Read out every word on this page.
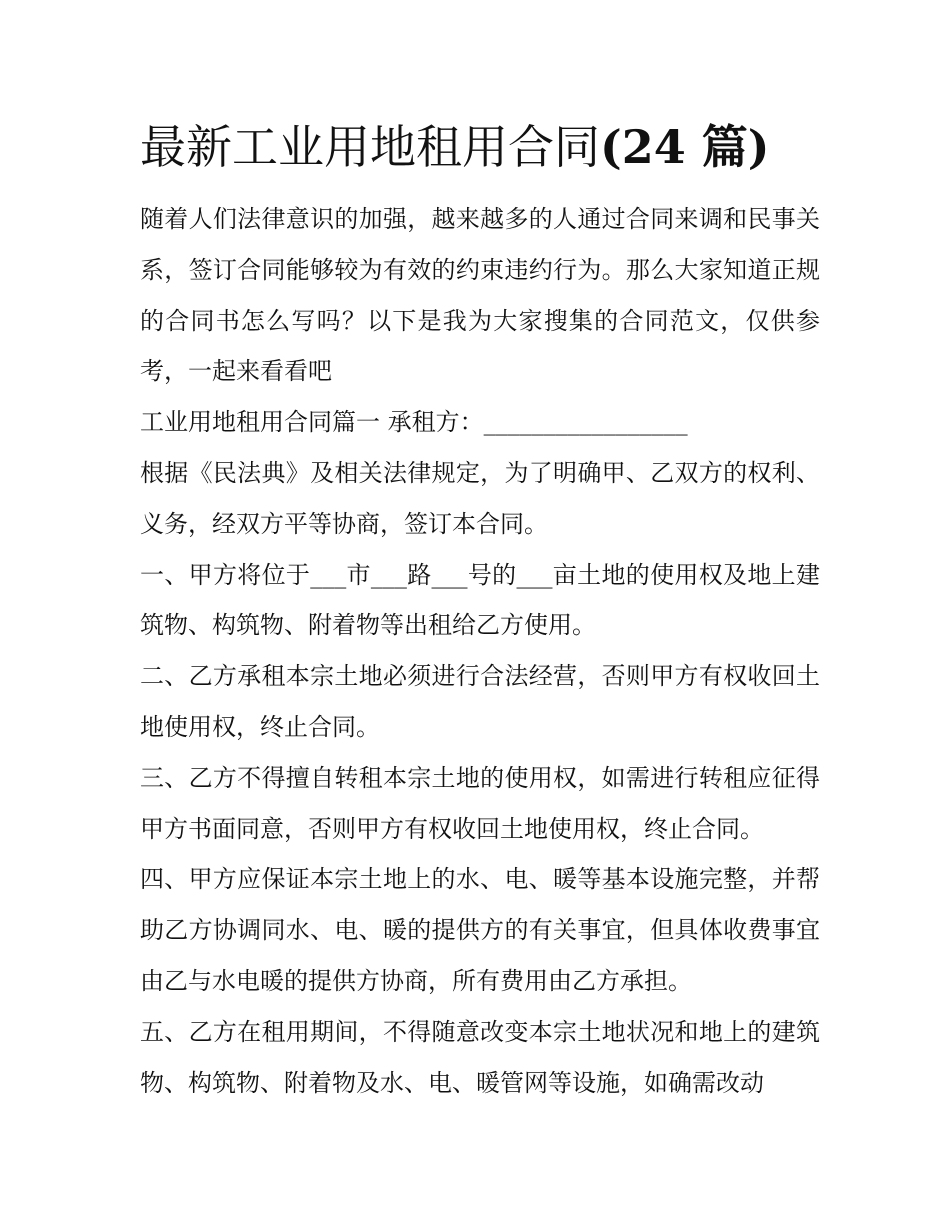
最新工业用地租用合同(24 篇)

随着人们法律意识的加强，越来越多的人通过合同来调和民事关系，签订合同能够较为有效的约束违约行为。那么大家知道正规的合同书怎么写吗？以下是我为大家搜集的合同范文，仅供参考，一起来看看吧

工业用地租用合同篇一 承租方：_________________

根据《民法典》及相关法律规定，为了明确甲、乙双方的权利、义务，经双方平等协商，签订本合同。

一、甲方将位于___市___路___号的___亩土地的使用权及地上建筑物、构筑物、附着物等出租给乙方使用。

二、乙方承租本宗土地必须进行合法经营，否则甲方有权收回土地使用权，终止合同。

三、乙方不得擅自转租本宗土地的使用权，如需进行转租应征得甲方书面同意，否则甲方有权收回土地使用权，终止合同。

四、甲方应保证本宗土地上的水、电、暖等基本设施完整，并帮助乙方协调同水、电、暖的提供方的有关事宜，但具体收费事宜由乙与水电暖的提供方协商，所有费用由乙方承担。

五、乙方在租用期间，不得随意改变本宗土地状况和地上的建筑物、构筑物、附着物及水、电、暖管网等设施，如确需改动
